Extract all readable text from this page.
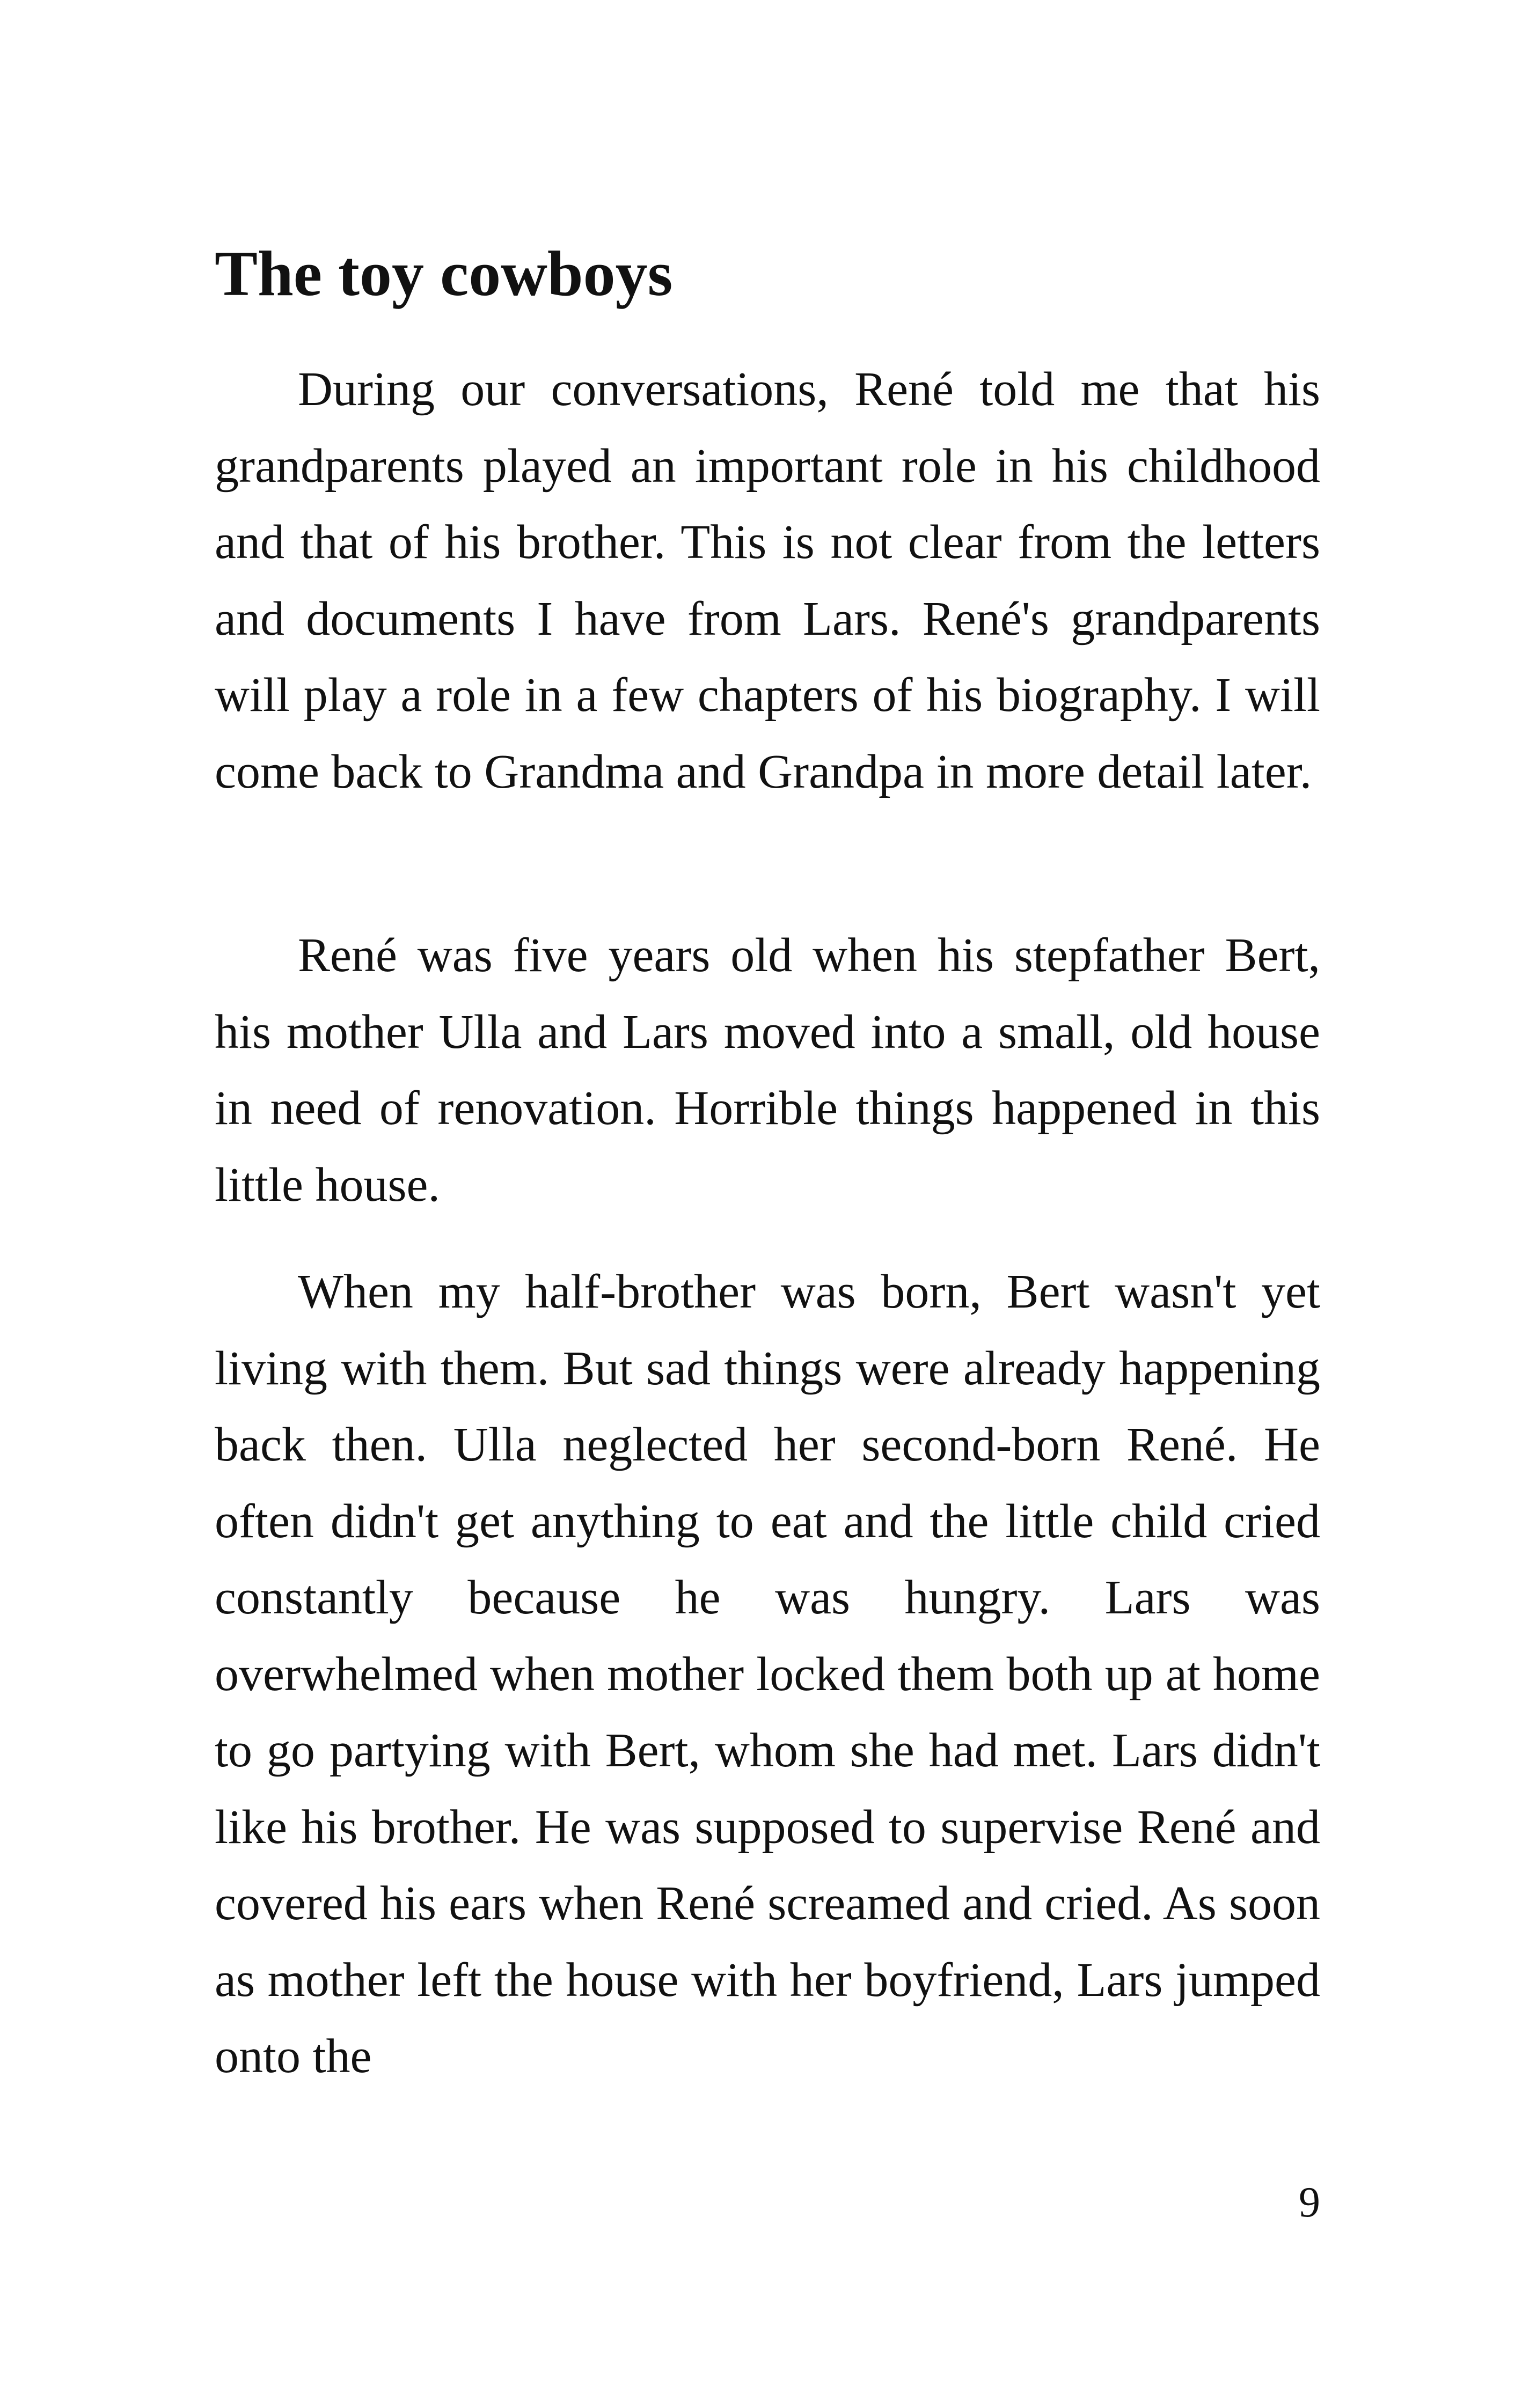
The toy cowboys

During our conversations, René told me that his grandparents played an important role in his childhood and that of his brother. This is not clear from the letters and documents I have from Lars. René's grandparents will play a role in a few chapters of his biography. I will come back to Grandma and Grandpa in more detail later.

René was five years old when his stepfather Bert, his mother Ulla and Lars moved into a small, old house in need of renovation. Horrible things happened in this little house.

When my half-brother was born, Bert wasn't yet living with them. But sad things were already happening back then. Ulla neglected her second-born René. He often didn't get anything to eat and the little child cried constantly because he was hungry. Lars was overwhelmed when mother locked them both up at home to go partying with Bert, whom she had met. Lars didn't like his brother. He was supposed to supervise René and covered his ears when René screamed and cried. As soon as mother left the house with her boyfriend, Lars jumped onto the

9
